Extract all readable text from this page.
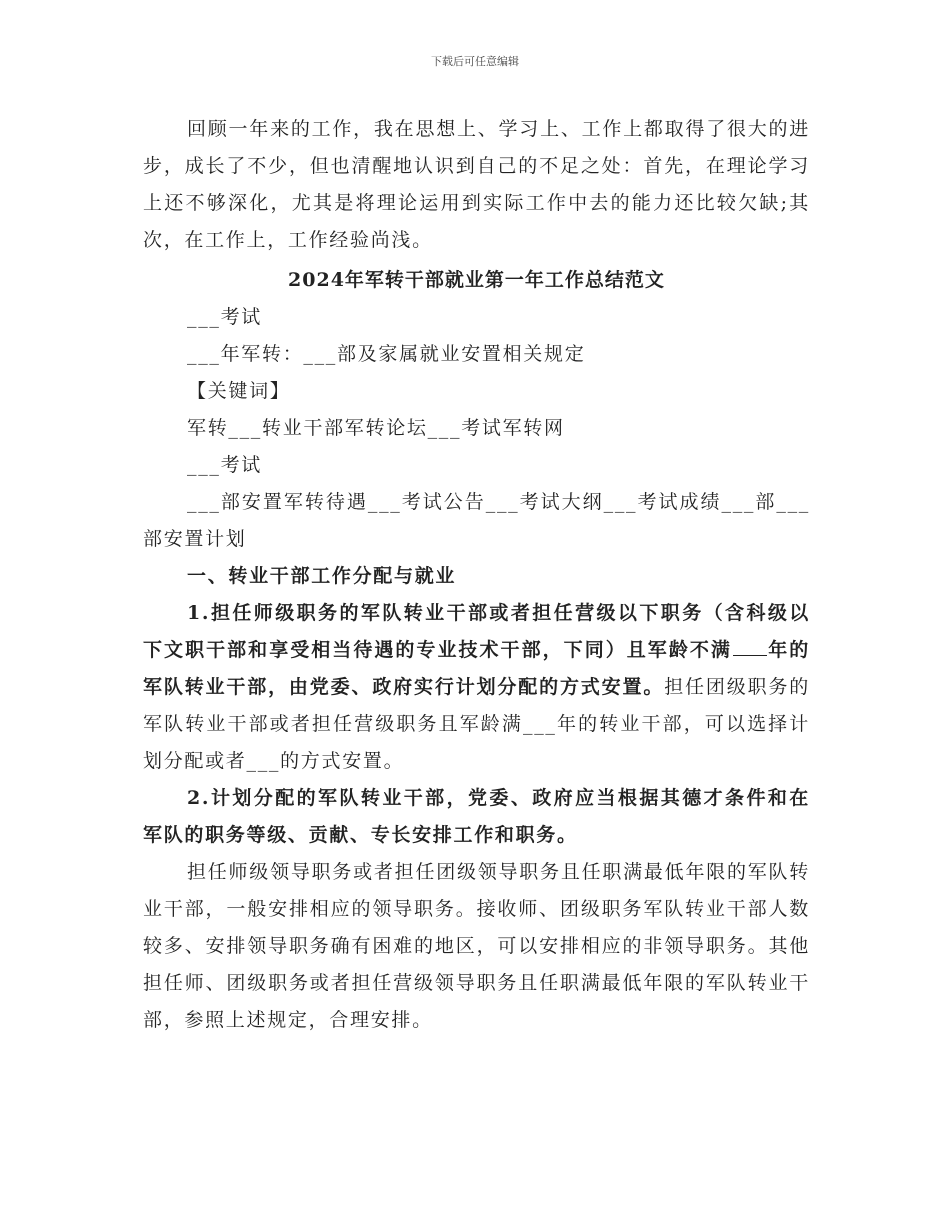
下载后可任意编辑

回顾一年来的工作，我在思想上、学习上、工作上都取得了很大的进步，成长了不少，但也清醒地认识到自己的不足之处：首先，在理论学习上还不够深化，尤其是将理论运用到实际工作中去的能力还比较欠缺;其次，在工作上，工作经验尚浅。

2024年军转干部就业第一年工作总结范文

___考试

___年军转：___部及家属就业安置相关规定

【关键词】

军转___转业干部军转论坛___考试军转网

___考试

___部安置军转待遇___考试公告___考试大纲___考试成绩___部___部安置计划

一、转业干部工作分配与就业

1.担任师级职务的军队转业干部或者担任营级以下职务（含科级以下文职干部和享受相当待遇的专业技术干部，下同）且军龄不满 年的军队转业干部，由党委、政府实行计划分配的方式安置。担任团级职务的军队转业干部或者担任营级职务且军龄满___年的转业干部，可以选择计划分配或者___的方式安置。

2.计划分配的军队转业干部，党委、政府应当根据其德才条件和在军队的职务等级、贡献、专长安排工作和职务。

担任师级领导职务或者担任团级领导职务且任职满最低年限的军队转业干部，一般安排相应的领导职务。接收师、团级职务军队转业干部人数较多、安排领导职务确有困难的地区，可以安排相应的非领导职务。其他担任师、团级职务或者担任营级领导职务且任职满最低年限的军队转业干部，参照上述规定，合理安排。
